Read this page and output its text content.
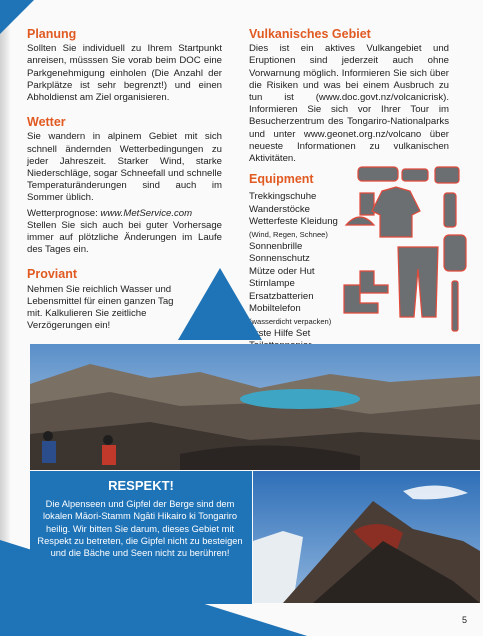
Planung

Sollten Sie individuell zu Ihrem Startpunkt anreisen, müsssen Sie vorab beim DOC eine Parkgenehmigung einholen (Die Anzahl der Parkplätze ist sehr begrenzt!) und einen Abholdienst am Ziel organisieren.

Wetter

Sie wandern in alpinem Gebiet mit sich schnell ändernden Wetterbedingungen zu jeder Jahreszeit. Starker Wind, starke Niederschläge, sogar Schneefall und schnelle Temperaturänderungen sind auch im Sommer üblich.

Wetterprognose: www.MetService.com

Stellen Sie sich auch bei guter Vorhersage immer auf plötzliche Änderungen im Laufe des Tages ein.

Proviant

Nehmen Sie reichlich Wasser und Lebensmittel für einen ganzen Tag mit. Kalkulieren Sie zeitliche Verzögerungen ein!

Vulkanisches Gebiet

Dies ist ein aktives Vulkangebiet und Eruptionen sind jederzeit auch ohne Vorwarnung möglich. Informieren Sie sich über die Risiken und was bei einem Ausbruch zu tun ist (www.doc.govt.nz/volcanicrisk). Informieren Sie sich vor Ihrer Tour im Besucherzentrum des Tongariro-Nationalparks und unter www.geonet.org.nz/volcano über neueste Informationen zu vulkanischen Aktivitäten.

Equipment
Trekkingschuhe
Wanderstöcke
Wetterfeste Kleidung
(Wind, Regen, Schnee)
Sonnenbrille
Sonnenschutz
Mütze oder Hut
Stirnlampe
Ersatzbatterien
Mobiltelefon
(wasserdicht verpacken)
Erste Hilfe Set
RESPEKT!
Die Alpenseen und Gipfel der Berge sind dem lokalen Māori-Stamm Ngāti Hikairo ki Tongariro heilig. Wir bitten Sie darum, dieses Gebiet mit Respekt zu betreten, die Gipfel nicht zu besteigen und die Bäche und Seen nicht zu berühren!
5
